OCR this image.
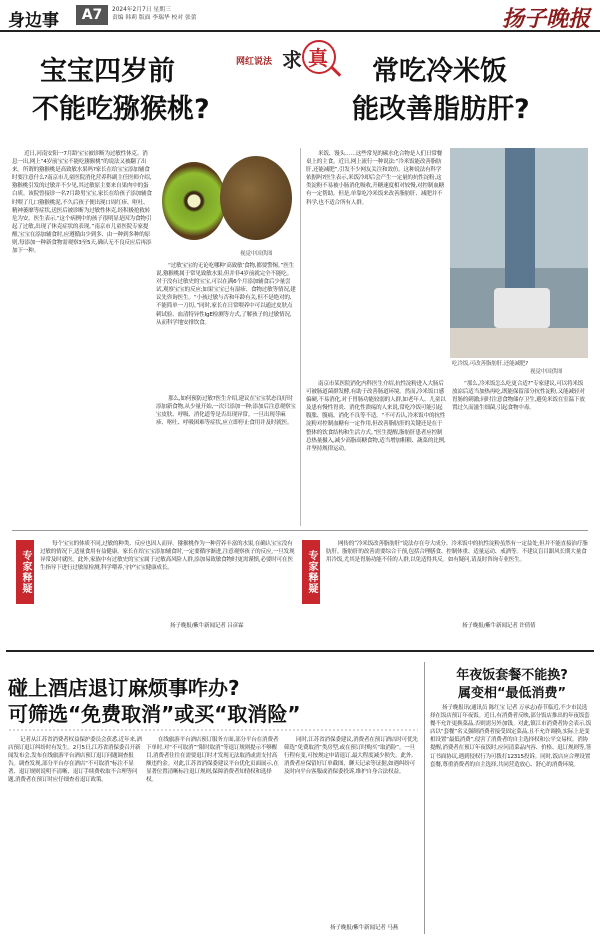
身边事	A7	2024年2月7日 星期三
责编 韩莉 版面 李瑞华 校对 张蕾	扬子晚报
宝宝四岁前
不能吃猕猴桃?
网红说法 求 真 常吃冷米饭
能改善脂肪肝?
近日,河南安阳一7月龄宝宝被诊断为过敏性休克。消息一出,网上“4岁前宝宝不能吃猕猴桃”的说法又被翻了出来。所谓的猕猴桃是高致敏水果吗?家长在给宝宝添加辅食时要注意什么?南京市儿童医院消化营养科副主任医师介绍,猕猴桃引发的过敏并不少见,其过敏原主要来自果肉中的蛋白质。该院曾接诊一名7月龄男宝宝,家长在给孩子添加辅食时喂了几口猕猴桃泥,不久后孩子便出现口周红疹、呕吐、精神萎靡等症状,送医后被诊断为过敏性休克,经积极抢救转危为安。医生表示,“这个病例中的孩子很明显是因为食物引起了过敏,出现了休克症状的表现。”南京市儿童医院专家提醒,宝宝在添加辅食时,应遵循由少到多、由一种到多种的原则,每添加一种新食物需观察3至5天,确认无不良反应后再添加下一种。	视觉中国供图
“过敏宝宝的无论吃哪种‘高致敏’食物,都要警惕。”医生说,猕猴桃属于常见致敏水果,但并非4岁前就完全不能吃。对于没有过敏史的宝宝,可以在满6个月添加辅食后少量尝试,观察宝宝的反应;如果宝宝已有湿疹、食物过敏等情况,建议先咨询医生。“小孩过敏与否和年龄有关,但不是绝对的,不能简单一刀切。”同时,家长在日常喂养中可以通过皮肤点刺试验、血清特异性IgE检测等方式,了解孩子的过敏情况,从而科学地安排饮食。
那么,如何预防过敏?医生介绍,建议在宝宝状态良好时添加新食物,从少量开始,一次只添加一种;添加后注意观察宝宝皮肤、呼吸、消化道等是否出现异常。一旦出现荨麻疹、呕吐、呼吸困难等症状,应立即停止食用并及时就医。
米饭、馒头……这些常见的碳水化合物是人们日常餐桌上的主食。近日,网上流行一种说法:“冷米饭能改善脂肪肝,还能减肥”,引发不少网友关注和效仿。这种说法有科学依据吗?医生表示,米饭冷却后会产生一定量的抗性淀粉,这类淀粉不易被小肠消化吸收,升糖速度相对较慢,对控制血糖有一定帮助。但是,单靠吃冷米饭来改善脂肪肝、减肥并不科学,也不适合所有人群。
吃冷饭,可改善脂肪肝,还能减肥?
视觉中国供图
南京市某医院消化内科医生介绍,抗性淀粉进入大肠后可被肠道菌群发酵,有助于改善肠道环境。然而,冷米饭口感偏硬,不易消化,对于胃肠功能较弱的人群,如老年人、儿童以及患有慢性胃炎、消化性溃疡的人来说,常吃冷饭可能引起腹胀、腹痛、消化不良等不适。“不可否认,冷米饭中的抗性淀粉对控制血糖有一定作用,但改善脂肪肝的关键还是在于整体的饮食结构和生活方式。”医生提醒,脂肪肝患者应控制总热量摄入,减少高脂高糖食物,适当增加粗粮、蔬菜的比例,并坚持规律运动。
“那么,冷米饭怎么吃更合适?”专家建议,可以将米饭放凉后适当加热再吃,既能保留部分抗性淀粉,又能减轻对胃肠的刺激;同时注意食物储存卫生,避免米饭在室温下放置过久而滋生细菌,引起食物中毒。
专家释疑
每个宝宝的体质不同,过敏的种类、反应也因人而异。猕猴桃作为一种营养丰富的水果,在确认宝宝没有过敏的情况下,适量食用有益健康。家长在给宝宝添加辅食时,一定要循序渐进,注意观察孩子的反应,一旦发现异常及时就医。此外,家族中有过敏史的宝宝属于过敏高风险人群,添加易致敏食物时更需谨慎,必要时可在医生指导下进行过敏原检测,科学喂养,守护宝宝健康成长。
扬子晚报/紫牛新闻记者 吕彦霖
专家释疑
网传的“冷米饭改善脂肪肝”说法存在夸大成分。冷米饭中的抗性淀粉虽然有一定益处,但并不能直接治疗脂肪肝。脂肪肝的改善需要综合干预,包括合理膳食、控制体重、适量运动、戒酒等。不建议盲目跟风长期大量食用冷饭,尤其是胃肠功能不佳的人群,以免适得其反。如有疑问,请及时咨询专业医生。
扬子晚报/紫牛新闻记者 许倩倩
碰上酒店退订麻烦事咋办?
可筛选“免费取消”或买“取消险”
记者从江苏省消费者权益保护委员会获悉,近年来,酒店预订退订纠纷时有发生。2月5日,江苏省消保委召开新闻发布会,发布在线旅游平台酒店预订退订问题调查报告。调查发现,部分平台存在酒店“不可取消”标注不显著、退订规则说明不清晰、退订手续费收取不合理等问题,消费者在预订时应仔细查看退订政策。
在线旅游平台酒店预订服务方面,部分平台在消费者下单时,对“不可取消”“限时取消”等退订规则提示不够醒目,消费者往往在需要退订时才发现无法取消或需支付高额违约金。对此,江苏省消保委建议平台优化页面展示,在显著位置清晰标注退订规则,保障消费者知情权和选择权。
同时,江苏省消保委建议,消费者在预订酒店时可优先筛选“免费取消”类房型,或在预订时购买“取消险”。一旦行程有变,可按规定申请退订,最大程度减少损失。此外,消费者应保留好订单截图、聊天记录等证据,如遇纠纷可及时向平台客服或消保委投诉,维护自身合法权益。
扬子晚报/紫牛新闻记者 马燕
年夜饭套餐不能换?
属变相“最低消费”
扬子晚报讯(通讯员 陈红宝 记者 万承志)春节临近,不少市民选择在饭店预订年夜饭。近日,有消费者反映,部分饭店推出的年夜饭套餐不允许更换菜品,否则需另外加钱。对此,镇江市消费者协会表示,饭店以“套餐”名义强制消费者接受固定菜品,且不允许调换,实际上是变相设置“最低消费”,侵害了消费者的自主选择权和公平交易权。消协提醒,消费者在预订年夜饭时,应问清菜品内容、价格、退订规则等,签订书面协议,遇到侵权行为可拨打12315投诉。同时,饭店应合理设置套餐,尊重消费者的自主选择,共同营造放心、舒心的消费环境。
